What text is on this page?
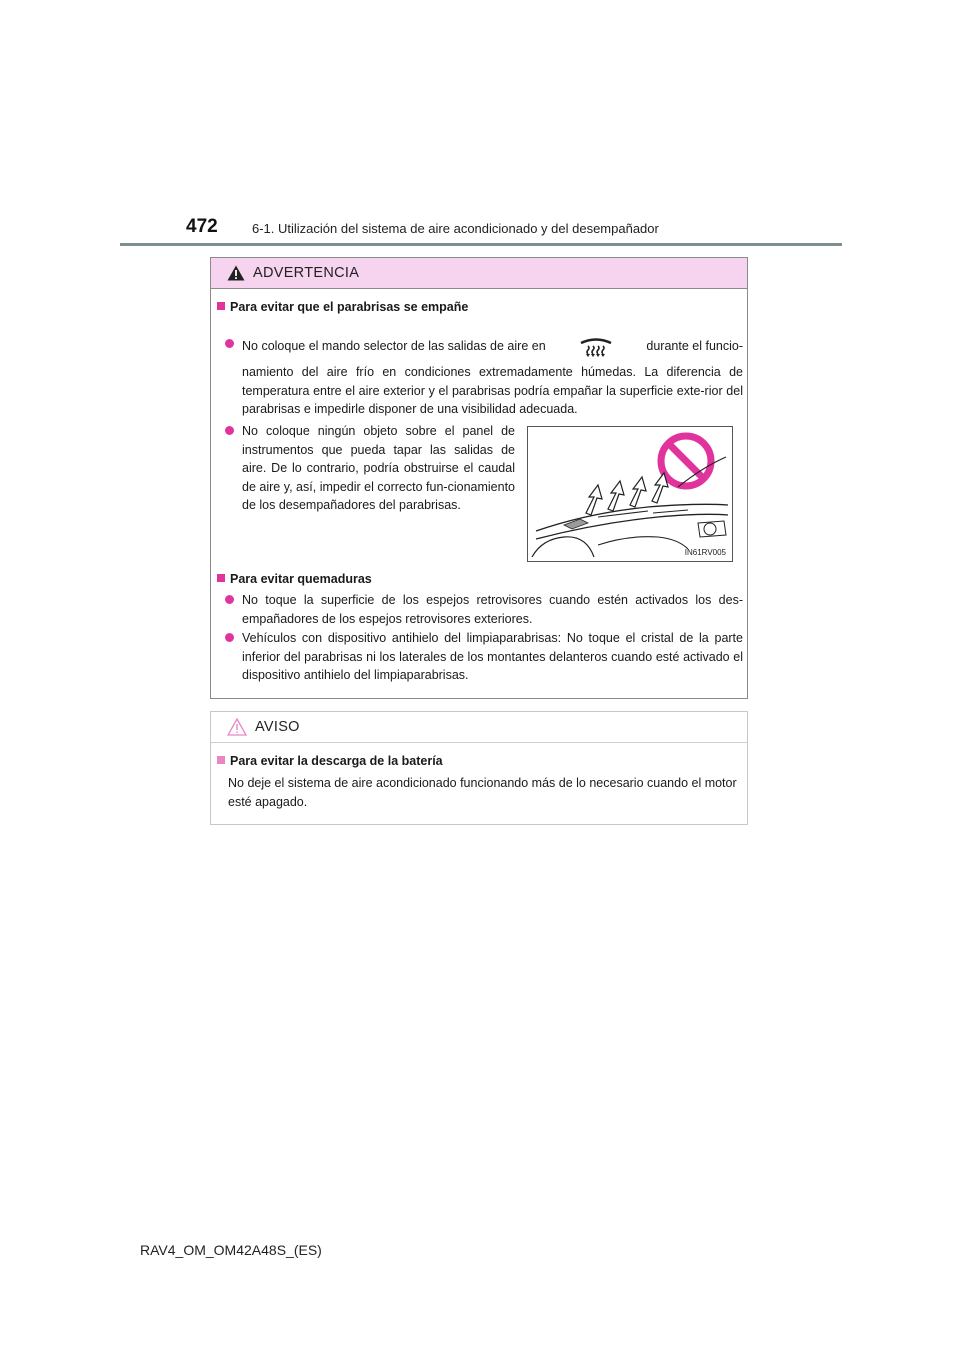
472	6-1. Utilización del sistema de aire acondicionado y del desempañador
ADVERTENCIA
Para evitar que el parabrisas se empañe
No coloque el mando selector de las salidas de aire en	durante el funcio-
namiento del aire frío en condiciones extremadamente húmedas. La diferencia de temperatura entre el aire exterior y el parabrisas podría empañar la superficie exte-rior del parabrisas e impedirle disponer de una visibilidad adecuada.
No coloque ningún objeto sobre el panel de instrumentos que pueda tapar las salidas de aire. De lo contrario, podría obstruirse el caudal de aire y, así, impedir el correcto fun-cionamiento de los desempañadores del parabrisas.
IN61RV005
Para evitar quemaduras
No toque la superficie de los espejos retrovisores cuando estén activados los des-empañadores de los espejos retrovisores exteriores.
Vehículos con dispositivo antihielo del limpiaparabrisas: No toque el cristal de la parte inferior del parabrisas ni los laterales de los montantes delanteros cuando esté activado el dispositivo antihielo del limpiaparabrisas.
AVISO
Para evitar la descarga de la batería
No deje el sistema de aire acondicionado funcionando más de lo necesario cuando el motor esté apagado.
RAV4_OM_OM42A48S_(ES)
